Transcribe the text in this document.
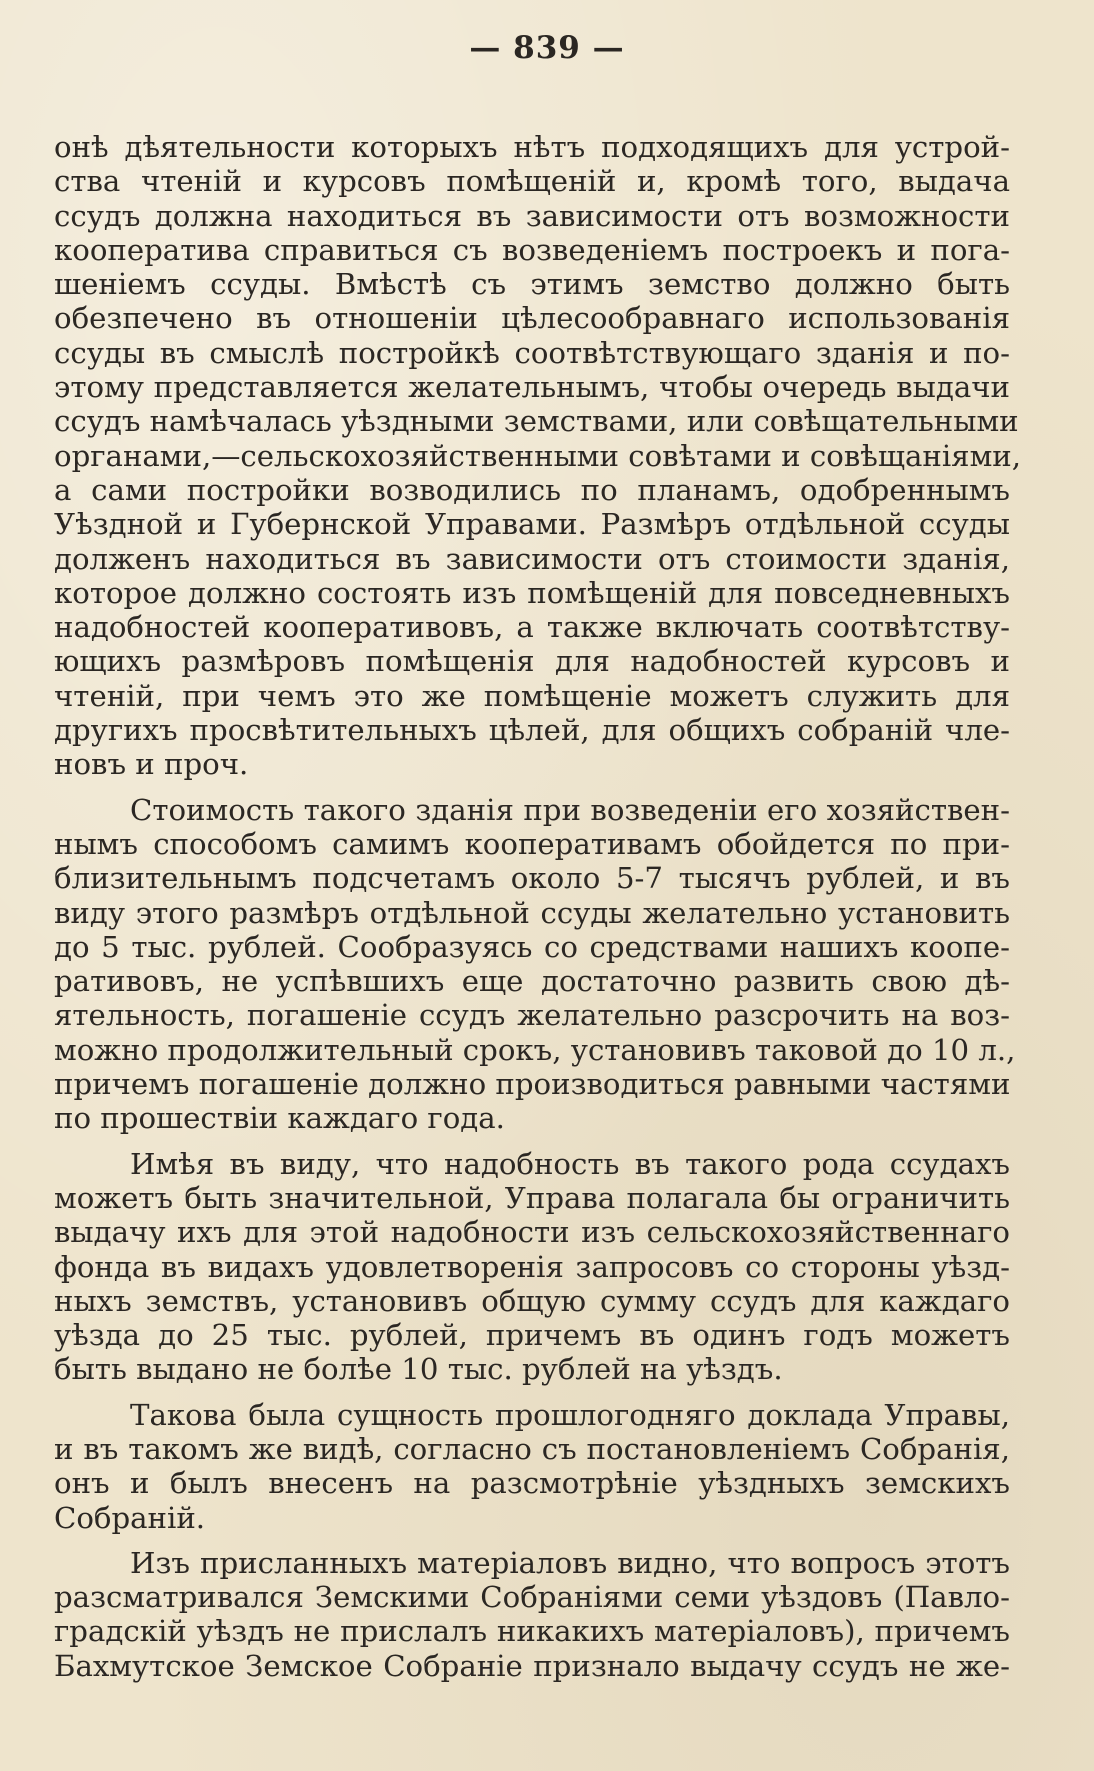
— 839 —
онѣ дѣятельности которыхъ нѣтъ подходящихъ для устрой-
ства чтеній и курсовъ помѣщеній и, кромѣ того, выдача
ссудъ должна находиться въ зависимости отъ возможности
кооператива справиться съ возведеніемъ построекъ и пога-
шеніемъ ссуды. Вмѣстѣ съ этимъ земство должно быть
обезпечено въ отношеніи цѣлесообравнаго использованія
ссуды въ смыслѣ постройкѣ соотвѣтствующаго зданія и по-
этому представляется желательнымъ, чтобы очередь выдачи
ссудъ намѣчалась уѣздными земствами, или совѣщательными
органами,—сельскохозяйственными совѣтами и совѣщаніями,
а сами постройки возводились по планамъ, одобреннымъ
Уѣздной и Губернской Управами. Размѣръ отдѣльной ссуды
долженъ находиться въ зависимости отъ стоимости зданія,
которое должно состоять изъ помѣщеній для повседневныхъ
надобностей кооперативовъ, а также включать соотвѣтству-
ющихъ размѣровъ помѣщенія для надобностей курсовъ и
чтеній, при чемъ это же помѣщеніе можетъ служить для
другихъ просвѣтительныхъ цѣлей, для общихъ собраній чле-
новъ и проч.
Стоимость такого зданія при возведеніи его хозяйствен-
нымъ способомъ самимъ кооперативамъ обойдется по при-
близительнымъ подсчетамъ около 5-7 тысячъ рублей, и въ
виду этого размѣръ отдѣльной ссуды желательно установить
до 5 тыс. рублей. Сообразуясь со средствами нашихъ коопе-
ративовъ, не успѣвшихъ еще достаточно развить свою дѣ-
ятельность, погашеніе ссудъ желательно разсрочить на воз-
можно продолжительный срокъ, установивъ таковой до 10 л.,
причемъ погашеніе должно производиться равными частями
по прошествіи каждаго года.
Имѣя въ виду, что надобность въ такого рода ссудахъ
можетъ быть значительной, Управа полагала бы ограничить
выдачу ихъ для этой надобности изъ сельскохозяйственнаго
фонда въ видахъ удовлетворенія запросовъ со стороны уѣзд-
ныхъ земствъ, установивъ общую сумму ссудъ для каждаго
уѣзда до 25 тыс. рублей, причемъ въ одинъ годъ можетъ
быть выдано не болѣе 10 тыс. рублей на уѣздъ.
Такова была сущность прошлогодняго доклада Управы,
и въ такомъ же видѣ, согласно съ постановленіемъ Собранія,
онъ и былъ внесенъ на разсмотрѣніе уѣздныхъ земскихъ
Собраній.
Изъ присланныхъ матеріаловъ видно, что вопросъ этотъ
разсматривался Земскими Собраніями семи уѣздовъ (Павло-
градскій уѣздъ не прислалъ никакихъ матеріаловъ), причемъ
Бахмутское Земское Собраніе признало выдачу ссудъ не же-
